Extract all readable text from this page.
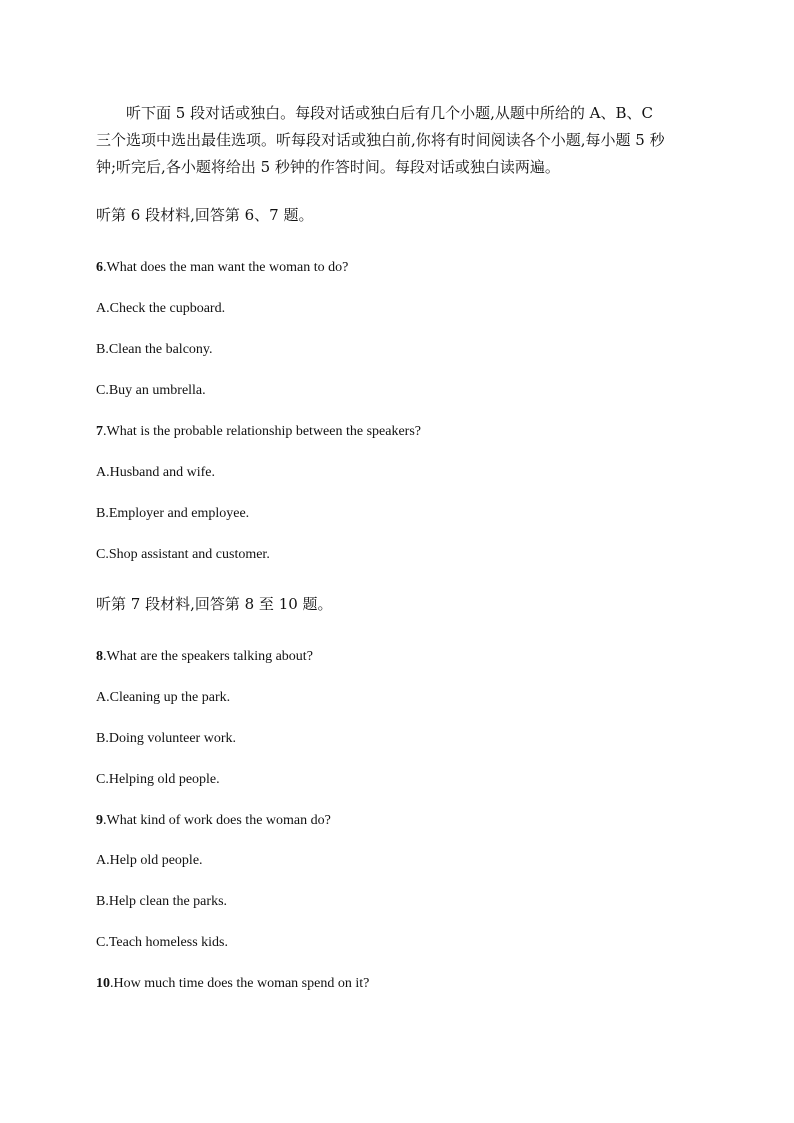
听下面 5 段对话或独白。每段对话或独白后有几个小题,从题中所给的 A、B、C
三个选项中选出最佳选项。听每段对话或独白前,你将有时间阅读各个小题,每小题 5 秒
钟;听完后,各小题将给出 5 秒钟的作答时间。每段对话或独白读两遍。
听第 6 段材料,回答第 6、7 题。
6.What does the man want the woman to do?
A.Check the cupboard.
B.Clean the balcony.
C.Buy an umbrella.
7.What is the probable relationship between the speakers?
A.Husband and wife.
B.Employer and employee.
C.Shop assistant and customer.
听第 7 段材料,回答第 8 至 10 题。
8.What are the speakers talking about?
A.Cleaning up the park.
B.Doing volunteer work.
C.Helping old people.
9.What kind of work does the woman do?
A.Help old people.
B.Help clean the parks.
C.Teach homeless kids.
10.How much time does the woman spend on it?
